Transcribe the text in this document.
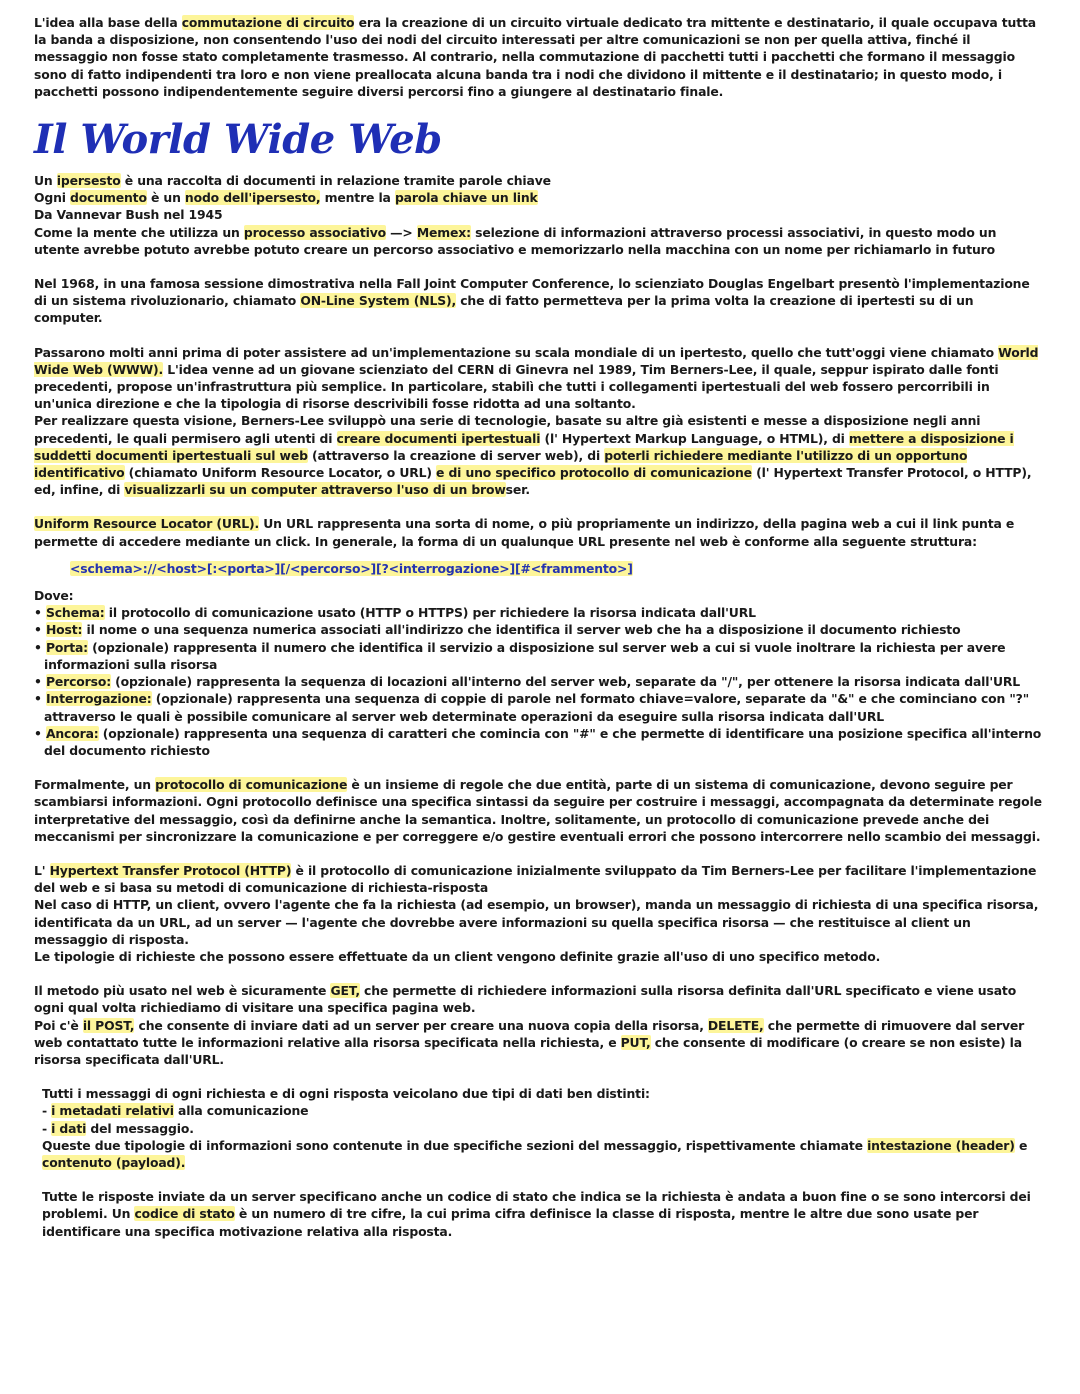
L'idea alla base della commutazione di circuito era la creazione di un circuito virtuale dedicato tra mittente e destinatario, il quale occupava tutta la banda a disposizione, non consentendo l'uso dei nodi del circuito interessati per altre comunicazioni se non per quella attiva, finché il messaggio non fosse stato completamente trasmesso. Al contrario, nella commutazione di pacchetti tutti i pacchetti che formano il messaggio sono di fatto indipendenti tra loro e non viene preallocata alcuna banda tra i nodi che dividono il mittente e il destinatario; in questo modo, i pacchetti possono indipendentemente seguire diversi percorsi fino a giungere al destinatario finale.

Il World Wide Web

Un ipersesto è una raccolta di documenti in relazione tramite parole chiave
Ogni documento è un nodo dell'ipersesto, mentre la parola chiave un link
Da Vannevar Bush nel 1945
Come la mente che utilizza un processo associativo —> Memex: selezione di informazioni attraverso processi associativi, in questo modo un utente avrebbe potuto avrebbe potuto creare un percorso associativo e memorizzarlo nella macchina con un nome per richiamarlo in futuro

Nel 1968, in una famosa sessione dimostrativa nella Fall Joint Computer Conference, lo scienziato Douglas Engelbart presentò l'implementazione di un sistema rivoluzionario, chiamato ON-Line System (NLS), che di fatto permetteva per la prima volta la creazione di ipertesti su di un computer.

Passarono molti anni prima di poter assistere ad un'implementazione su scala mondiale di un ipertesto, quello che tutt'oggi viene chiamato World Wide Web (WWW). L'idea venne ad un giovane scienziato del CERN di Ginevra nel 1989, Tim Berners-Lee, il quale, seppur ispirato dalle fonti precedenti, propose un'infrastruttura più semplice. In particolare, stabilì che tutti i collegamenti ipertestuali del web fossero percorribili in un'unica direzione e che la tipologia di risorse descrivibili fosse ridotta ad una soltanto.
Per realizzare questa visione, Berners-Lee sviluppò una serie di tecnologie, basate su altre già esistenti e messe a disposizione negli anni precedenti, le quali permisero agli utenti di creare documenti ipertestuali (l' Hypertext Markup Language, o HTML), di mettere a disposizione i suddetti documenti ipertestuali sul web (attraverso la creazione di server web), di poterli richiedere mediante l'utilizzo di un opportuno identificativo (chiamato Uniform Resource Locator, o URL) e di uno specifico protocollo di comunicazione (l' Hypertext Transfer Protocol, o HTTP), ed, infine, di visualizzarli su un computer attraverso l'uso di un browser.

Uniform Resource Locator (URL). Un URL rappresenta una sorta di nome, o più propriamente un indirizzo, della pagina web a cui il link punta e permette di accedere mediante un click. In generale, la forma di un qualunque URL presente nel web è conforme alla seguente struttura:

<schema>://<host>[:<porta>][/<percorso>][?<interrogazione>][#<frammento>]

Dove:

• Schema: il protocollo di comunicazione usato (HTTP o HTTPS) per richiedere la risorsa indicata dall'URL
• Host: il nome o una sequenza numerica associati all'indirizzo che identifica il server web che ha a disposizione il documento richiesto
• Porta: (opzionale) rappresenta il numero che identifica il servizio a disposizione sul server web a cui si vuole inoltrare la richiesta per avere informazioni sulla risorsa
• Percorso: (opzionale) rappresenta la sequenza di locazioni all'interno del server web, separate da "/", per ottenere la risorsa indicata dall'URL
• Interrogazione: (opzionale) rappresenta una sequenza di coppie di parole nel formato chiave=valore, separate da "&" e che cominciano con "?" attraverso le quali è possibile comunicare al server web determinate operazioni da eseguire sulla risorsa indicata dall'URL
• Ancora: (opzionale) rappresenta una sequenza di caratteri che comincia con "#" e che permette di identificare una posizione specifica all'interno del documento richiesto

Formalmente, un protocollo di comunicazione è un insieme di regole che due entità, parte di un sistema di comunicazione, devono seguire per scambiarsi informazioni. Ogni protocollo definisce una specifica sintassi da seguire per costruire i messaggi, accompagnata da determinate regole interpretative del messaggio, così da definirne anche la semantica. Inoltre, solitamente, un protocollo di comunicazione prevede anche dei meccanismi per sincronizzare la comunicazione e per correggere e/o gestire eventuali errori che possono intercorrere nello scambio dei messaggi.

L' Hypertext Transfer Protocol (HTTP) è il protocollo di comunicazione inizialmente sviluppato da Tim Berners-Lee per facilitare l'implementazione del web e si basa su metodi di comunicazione di richiesta-risposta
Nel caso di HTTP, un client, ovvero l'agente che fa la richiesta (ad esempio, un browser), manda un messaggio di richiesta di una specifica risorsa, identificata da un URL, ad un server — l'agente che dovrebbe avere informazioni su quella specifica risorsa — che restituisce al client un messaggio di risposta.
Le tipologie di richieste che possono essere effettuate da un client vengono definite grazie all'uso di uno specifico metodo.

Il metodo più usato nel web è sicuramente GET, che permette di richiedere informazioni sulla risorsa definita dall'URL specificato e viene usato ogni qual volta richiediamo di visitare una specifica pagina web.
Poi c'è il POST, che consente di inviare dati ad un server per creare una nuova copia della risorsa, DELETE, che permette di rimuovere dal server web contattato tutte le informazioni relative alla risorsa specificata nella richiesta, e PUT, che consente di modificare (o creare se non esiste) la risorsa specificata dall'URL.

Tutti i messaggi di ogni richiesta e di ogni risposta veicolano due tipi di dati ben distinti:
- i metadati relativi alla comunicazione
- i dati del messaggio.
Queste due tipologie di informazioni sono contenute in due specifiche sezioni del messaggio, rispettivamente chiamate intestazione (header) e contenuto (payload).

Tutte le risposte inviate da un server specificano anche un codice di stato che indica se la richiesta è andata a buon fine o se sono intercorsi dei problemi. Un codice di stato è un numero di tre cifre, la cui prima cifra definisce la classe di risposta, mentre le altre due sono usate per identificare una specifica motivazione relativa alla risposta.
